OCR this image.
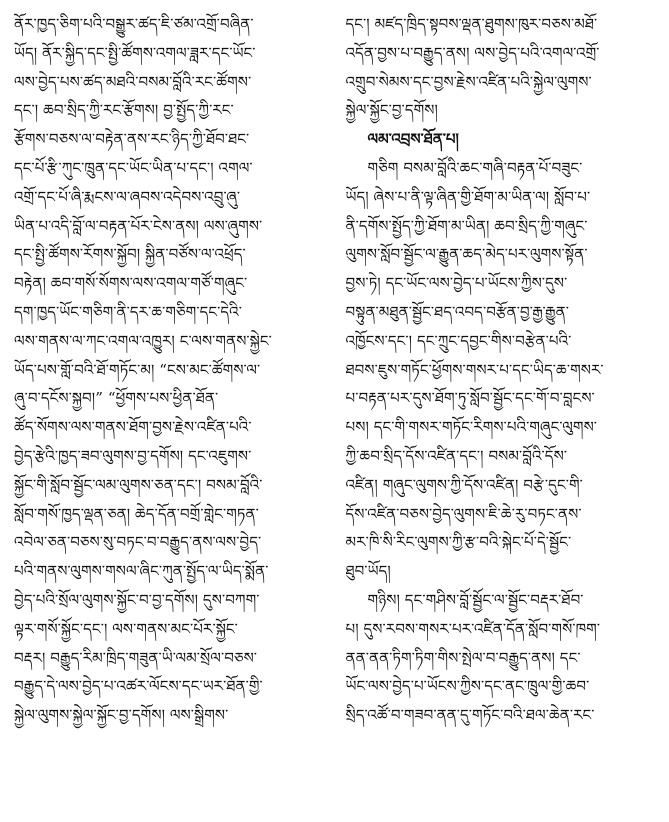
ནོར་ཁྱད་ཅིག་པའི་བསྒྱུར་ཚད་ཇི་ཙམ་འགྲོ་བཞིན་
ཡོད། ནོར་སྐྱིད་དང་སྤྱི་ཚོགས་འགལ་ཟླར་དང་ཡོང་
ལས་བྱེད་པས་ཚད་མཐའི་བསམ་བློའི་རང་ཚོགས་
དང་། ཆབ་སྲིད་ཀྱི་རང་རྩོགས། བྱ་སྤྱོད་ཀྱི་རང་
རྩོགས་བཅས་ལ་བརྟེན་ནས་རང་ཉིད་ཀྱི་ཐོབ་ཐང་
དང་པོ་རྩི་ཀུང་ཁྲུན་དང་ཡོང་ཡིན་པ་དང་། འགལ་
འགྲོ་དང་པོ་ཞི་རྨངས་ལ་ཞབས་འདེབས་འབྲུ་ཞུ་
ཡིན་པ་འདི་བློ་ལ་བརྟན་པོར་ངེས་ནས། ལས་ཞུགས་
དང་སྤྱི་ཚོགས་རོགས་སྐྱོབ། སྐྱིན་བཙོས་ལ་འཕྲོད་
བརྟེན། ཆབ་གསོ་སོགས་ལས་འགལ་གཙོ་གཞུང་
དག་ཁྱད་ཡོང་གཅིག་ནི་དར་ཆ་གཅིག་དང་དེའི་
ལས་གནས་ལ་ཀང་འགལ་འཁྱུར། ང་ལས་གནས་སྐྱེང་
ཡོད་པས་གློ་བའི་ཐོ་གཏོང་མ། “ངས་མང་ཚོགས་ལ་
ཞུ་བ་དངོས་སྐྱབ།” “ཕྱོགས་པས་ཕྱིན་ཐོན་
ཚོད་སོགས་ལས་གནས་ཐོག་བྱས་རྗེས་འཛིན་པའི་
བྱེད་རྩེའི་ཁྱད་ཟབ་ལུགས་བྱ་དགོས། དང་འཇུགས་
སྐྱོང་གི་སློབ་སྦྱོང་ལམ་ལུགས་ཅན་དང་། བསམ་བློའི་
སློབ་གསོ་ཁྱད་ལྡན་ཅན། ཆེད་དོན་བགྲོ་གླེང་གཏན་
འབེལ་ཅན་བཅས་སུ་བཏང་བ་བརྒྱུད་ནས་ལས་བྱེད་
པའི་གནས་ལུགས་གསལ་ཞིང་ཀུན་སྤྱོད་ལ་ཡིད་སྨོན་
བྱེད་པའི་སྲོལ་ལུགས་སྐྱོང་བ་བྱ་དགོས། དུས་བཀག་
ལྟར་གསོ་སྐྱོང་དང་། ལས་གནས་མང་པོར་སྐྱོང་
བརྡར། བརྒྱུད་རིམ་ཁྲིད་གཟུན་ཡི་ལམ་སྲོལ་བཅས་
བརྒྱུད་དེ་ལས་བྱེད་པ་འཚར་ལོངས་དང་ཡར་ཐོན་གྱི་
སྐྱེལ་ལུགས་སྐྱེལ་སྐྱོང་བྱ་དགོས། ལས་སྒྲིགས་
དང་། མཛད་ཁྲིད་སྟབས་ལྡན་ཐུགས་ཁུར་བཅས་མཐོ་
འདོན་བྱས་པ་བརྒྱུད་ནས། ལས་བྱེད་པའི་འགལ་འགྲོ་
འགྲུབ་སེམས་དང་བྱས་རྗེས་འཛིན་པའི་སྐྱེལ་ལུགས་
སྐྱེལ་སྐྱོང་བྱ་དགོས།
ལམ་འབྲས་ཐོན་པ།
གཅིག བསམ་བློའི་ཆང་གཞི་བརྟན་པོ་བཟུང་
ཡོད། ཞེས་པ་ནི་ལྟ་ཞིན་གྱི་ཐོག་མ་ཡིན་ལ། སློབ་པ་
ནི་དགོས་སྤྱོད་ཀྱི་ཐོག་མ་ཡིན། ཆབ་སྲིད་ཀྱི་གཞུང་
ལུགས་སློབ་སྦྱོང་ལ་རྒྱུན་ཆད་མེད་པར་ལུགས་སྟོན་
བྱས་ཏེ། དང་ཡོང་ལས་བྱེད་པ་ཡོངས་ཀྱིས་དུས་
བསྟུན་མཐུན་སྦྱོང་ཐད་འབད་བརྩོན་བྱ་རྒྱ་རྒྱུན་
འཁྱོངས་དང་། དང་ཀྲུང་དབྱང་གིས་བརྩེན་པའི་
ཐབས་ཇུས་གཏོང་ཕྱོགས་གསར་པ་དང་ཡིད་ཆ་གསར་
པ་བརྟན་པར་དུས་ཐོག་ཏུ་སློབ་སྦྱོང་དང་གོ་བ་བླངས་
པས། དང་གི་གསར་གཏོང་རིགས་པའི་གཞུང་ལུགས་
ཀྱི་ཆབ་སྲིད་དོས་འཛིན་དང་། བསམ་བློའི་དོས་
འཛིན། གཞུང་ལུགས་ཀྱི་དོས་འཛིན། བརྩེ་དུང་གི་
དོས་འཛིན་བཅས་བྱེད་ལུགས་ཇི་ཆེ་རུ་བཏང་ནས་
མར་ཁི་སི་རིང་ལུགས་ཀྱི་རྩ་བའི་སྐེང་པོ་དེ་སྦྱོང་
ཐུབ་ཡོད།
གཉིས། དང་གཤིས་བློ་སྦྱོང་ལ་སྦྱོང་བརྡར་ཐོབ་
པ། དུས་རབས་གསར་པར་འཛིན་དོན་སློབ་གསོ་ཁག་
ནན་ནན་ཏིག་ཏིག་གིས་སྤེལ་བ་བརྒྱུད་ནས། དང་
ཡོང་ལས་བྱེད་པ་ཡོངས་ཀྱིས་དང་ནང་ཁྲུལ་གྱི་ཆབ་
སྲིད་འཚོ་བ་གཟབ་ནན་དུ་གཏོང་བའི་ཐལ་ཆེན་རང་
